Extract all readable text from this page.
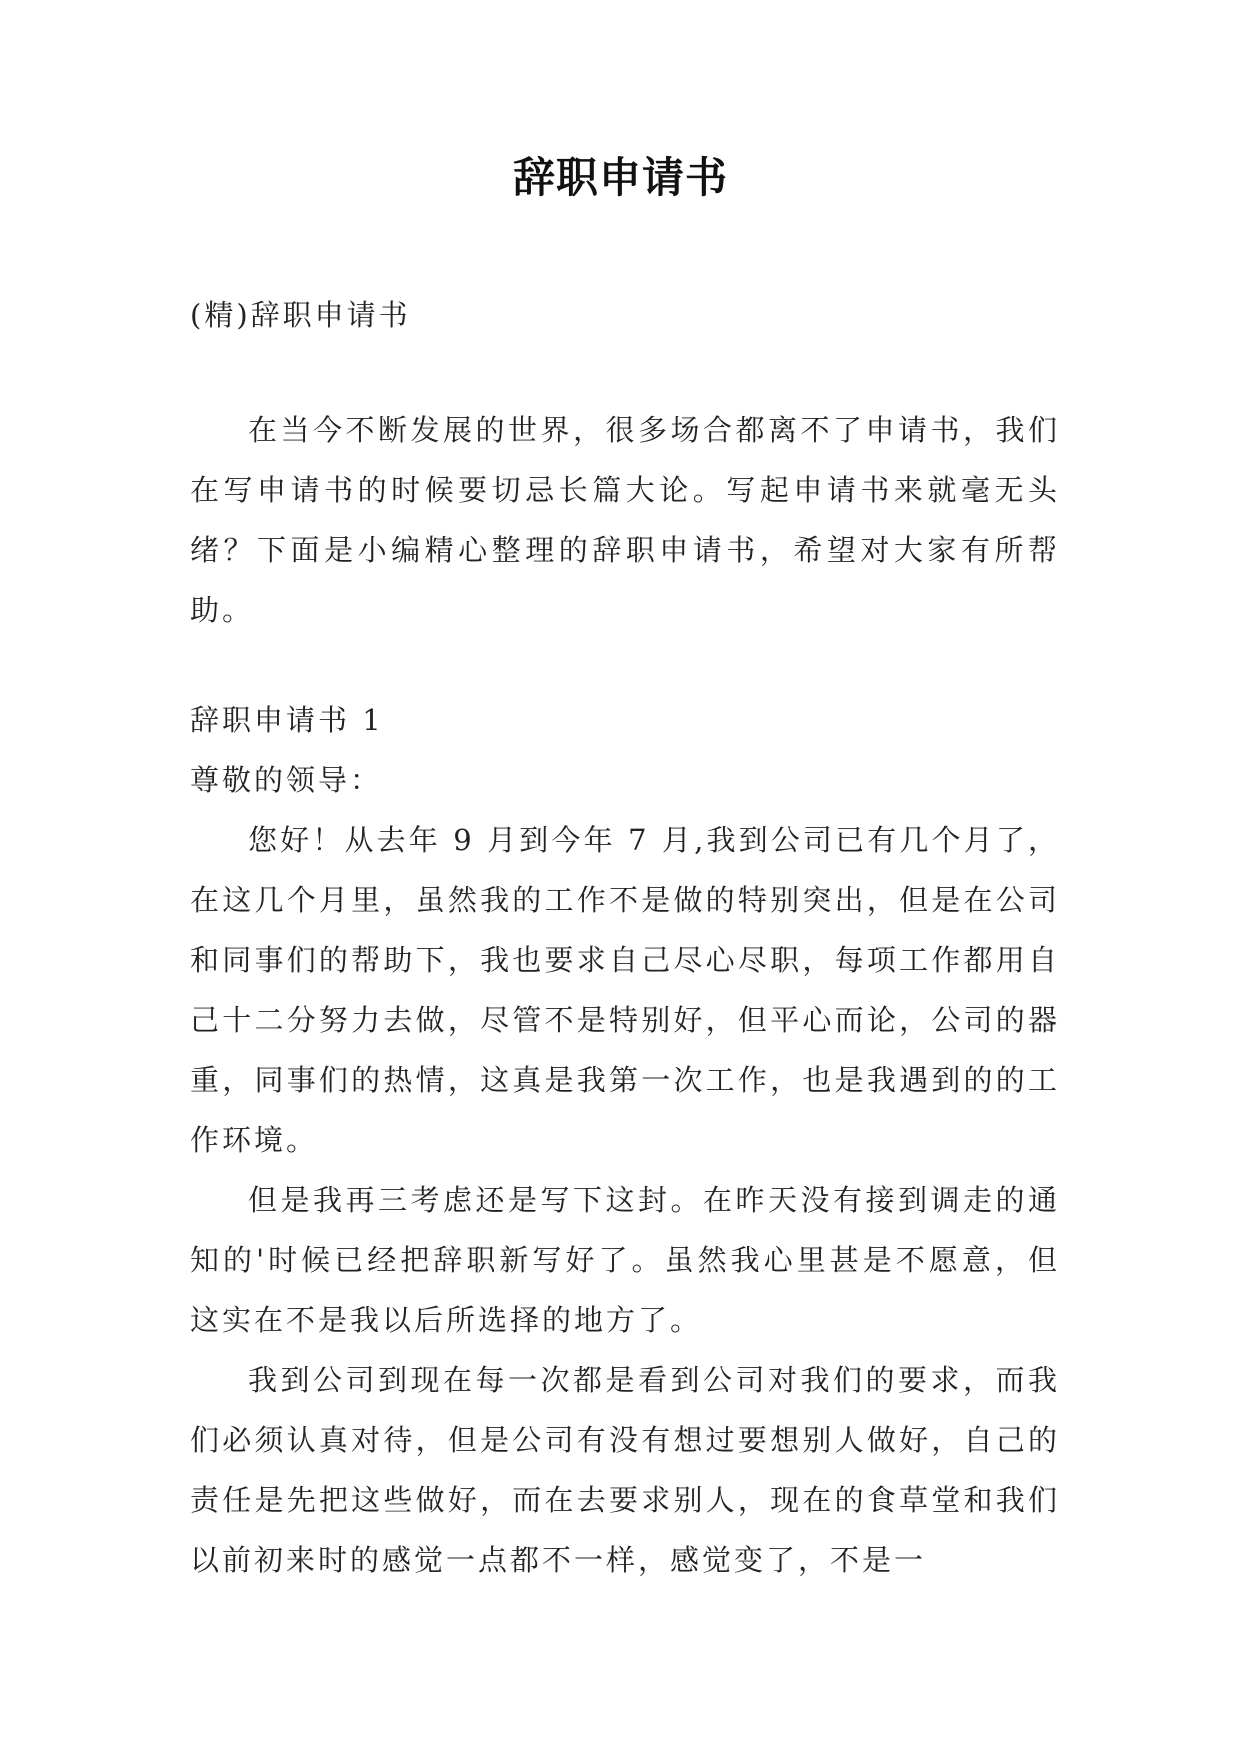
辞职申请书

(精)辞职申请书

在当今不断发展的世界，很多场合都离不了申请书，我们在写申请书的时候要切忌长篇大论。写起申请书来就毫无头绪？下面是小编精心整理的辞职申请书，希望对大家有所帮助。

辞职申请书 1

尊敬的领导：

您好！从去年 9 月到今年 7 月,我到公司已有几个月了，在这几个月里，虽然我的工作不是做的特别突出，但是在公司和同事们的帮助下，我也要求自己尽心尽职，每项工作都用自己十二分努力去做，尽管不是特别好，但平心而论，公司的器重，同事们的热情，这真是我第一次工作，也是我遇到的的工作环境。

但是我再三考虑还是写下这封。在昨天没有接到调走的通知的'时候已经把辞职新写好了。虽然我心里甚是不愿意，但这实在不是我以后所选择的地方了。

我到公司到现在每一次都是看到公司对我们的要求，而我们必须认真对待，但是公司有没有想过要想别人做好，自己的责任是先把这些做好，而在去要求别人，现在的食草堂和我们以前初来时的感觉一点都不一样，感觉变了，不是一
